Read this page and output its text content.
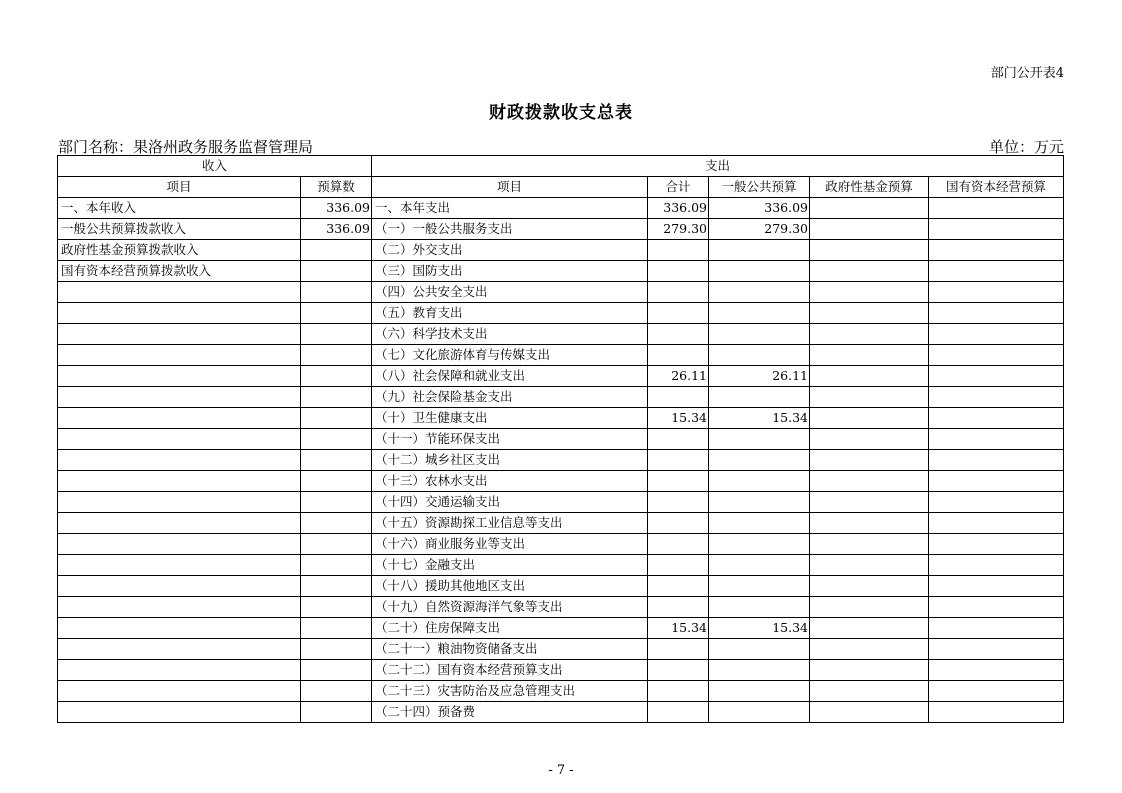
部门公开表4
财政拨款收支总表
部门名称：果洛州政务服务监督管理局	单位：万元
收入		支出				
项目	预算数	项目	合计	一般公共预算	政府性基金预算	国有资本经营预算
一、本年收入	336.09	一、本年支出	336.09	336.09		
一般公共预算拨款收入	336.09	（一）一般公共服务支出	279.30	279.30		
政府性基金预算拨款收入		（二）外交支出				
国有资本经营预算拨款收入		（三）国防支出				
		（四）公共安全支出				
		（五）教育支出				
		（六）科学技术支出				
		（七）文化旅游体育与传媒支出				
		（八）社会保障和就业支出	26.11	26.11		
		（九）社会保险基金支出				
		（十）卫生健康支出	15.34	15.34		
		（十一）节能环保支出				
		（十二）城乡社区支出				
		（十三）农林水支出				
		（十四）交通运输支出				
		（十五）资源勘探工业信息等支出				
		（十六）商业服务业等支出				
		（十七）金融支出				
		（十八）援助其他地区支出				
		（十九）自然资源海洋气象等支出				
		（二十）住房保障支出	15.34	15.34		
		（二十一）粮油物资储备支出				
		（二十二）国有资本经营预算支出				
		（二十三）灾害防治及应急管理支出				
		（二十四）预备费				
- 7 -
